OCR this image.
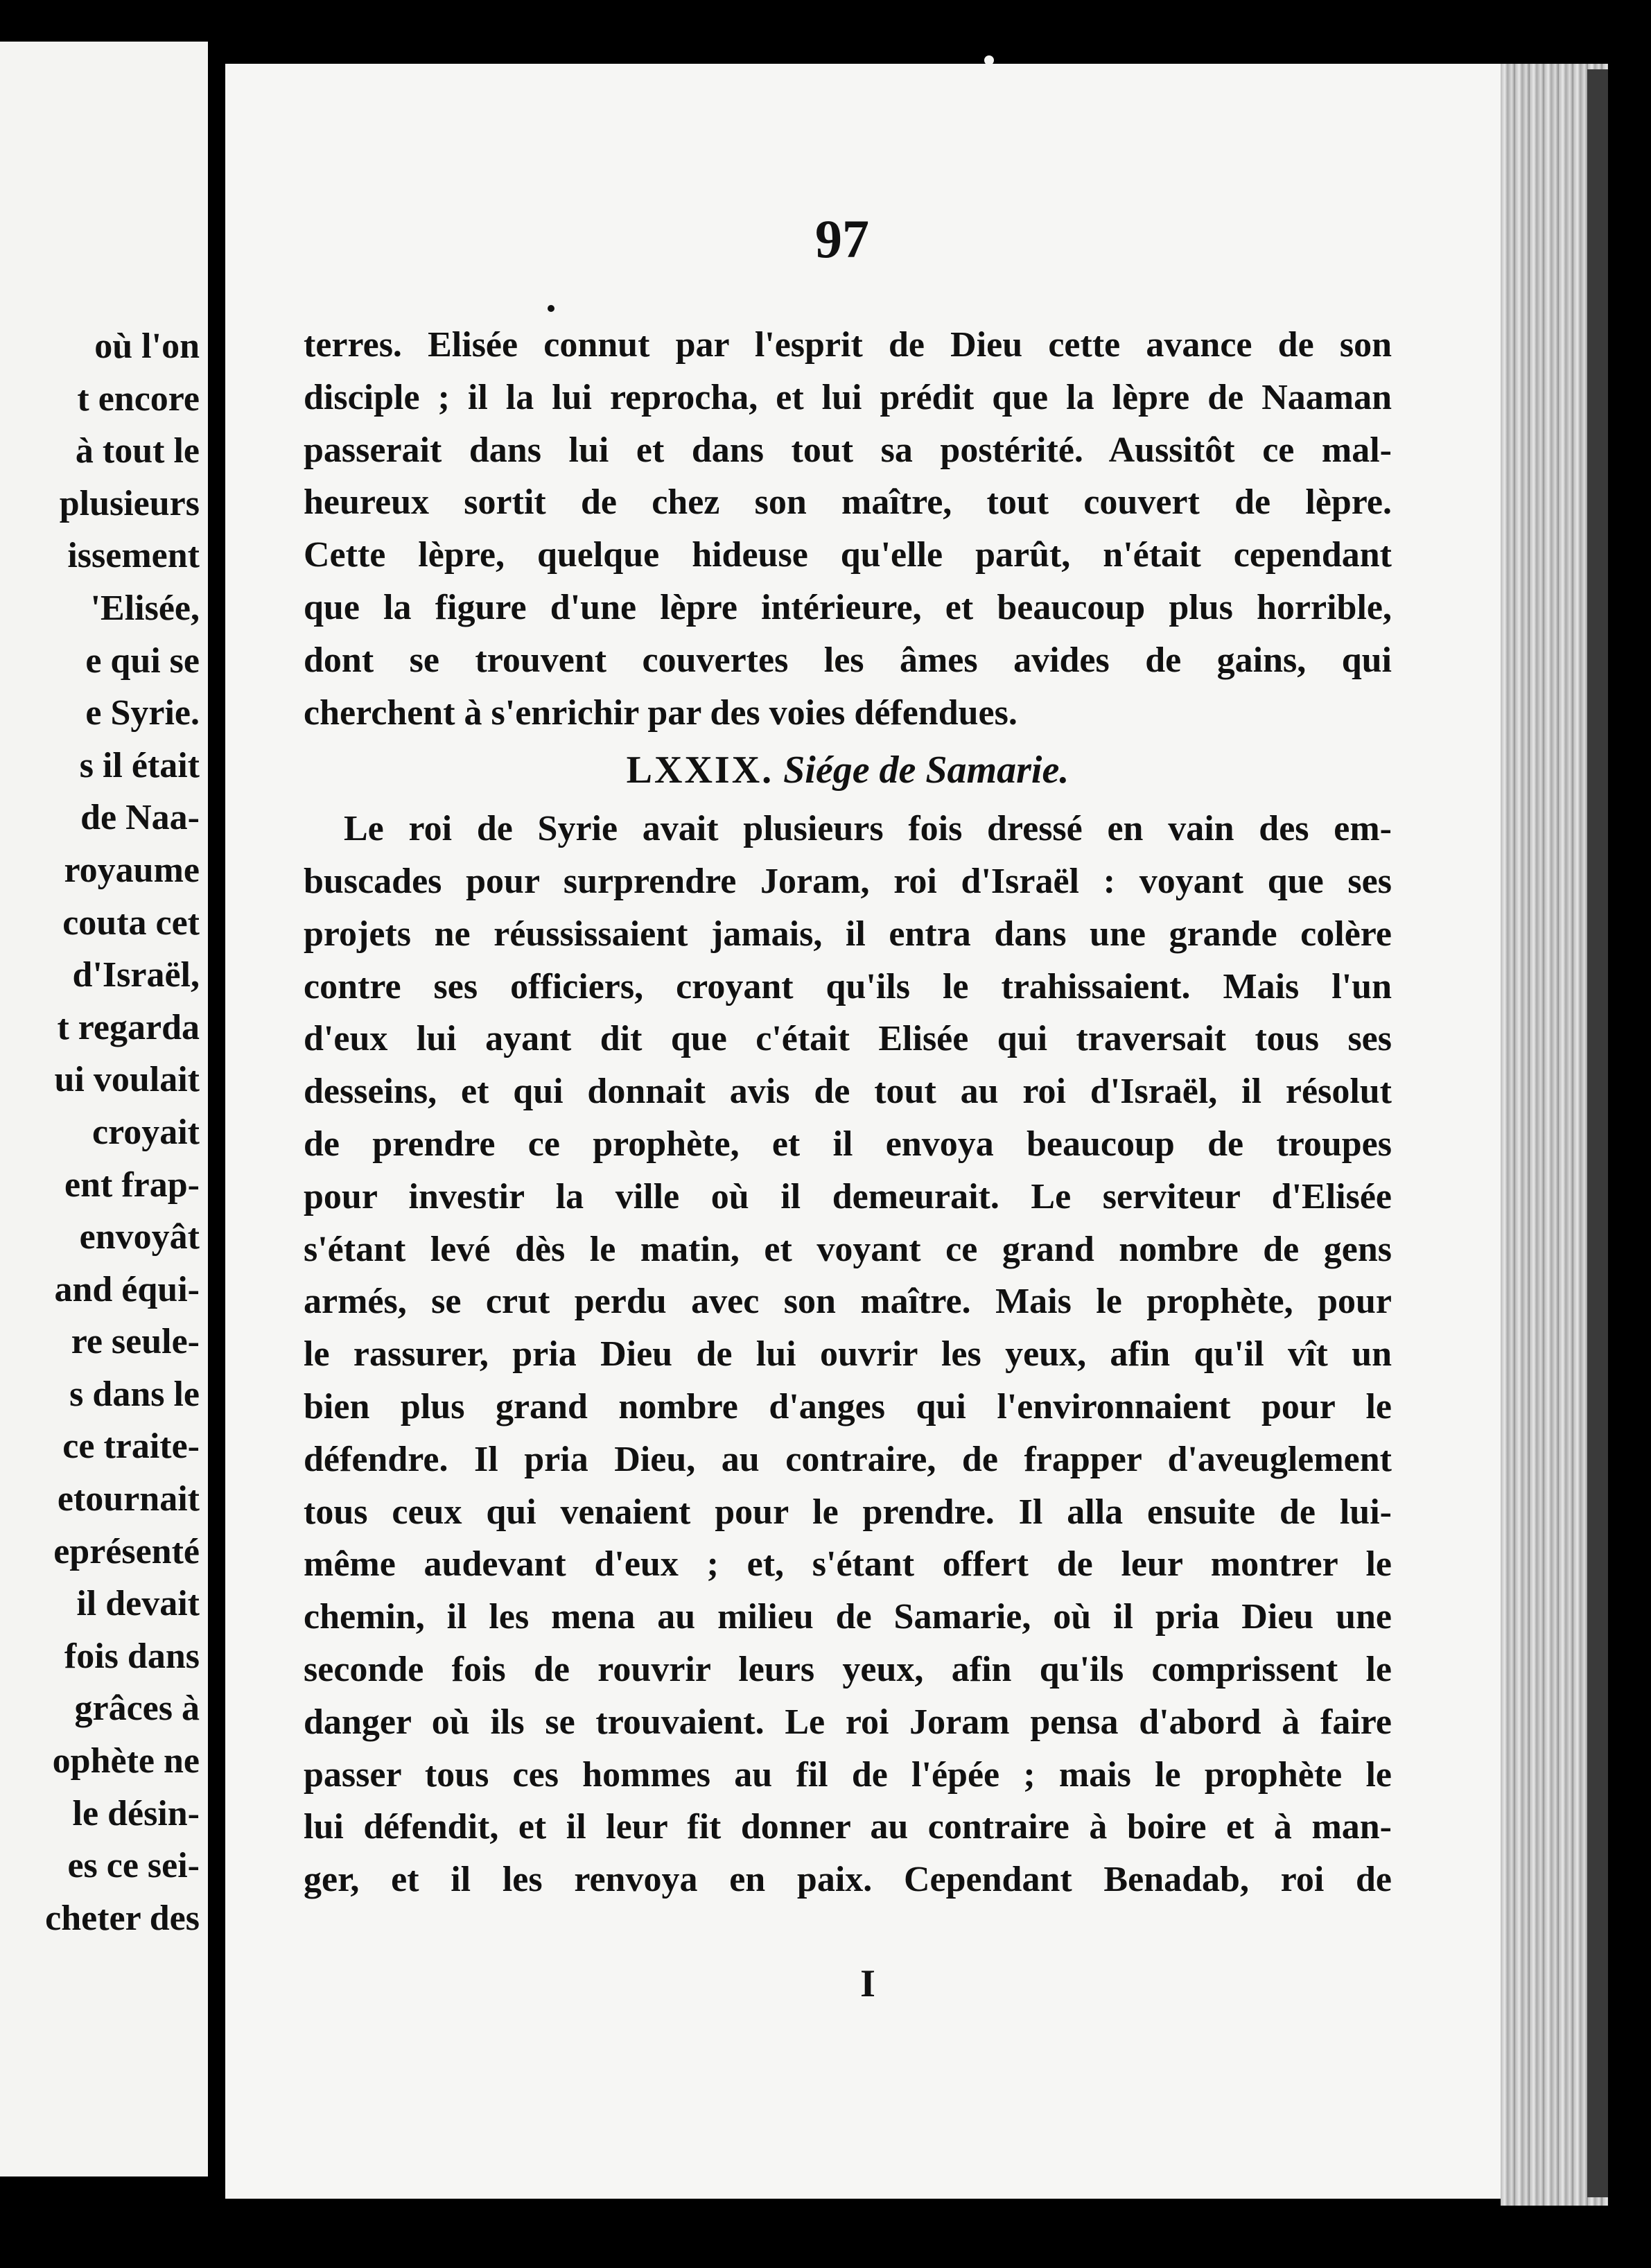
où l'on
t encore
à tout le
plusieurs
issement
'Elisée,
e qui se
e Syrie.
s il était
de Naa-
royaume
couta cet
d'Israël,
t regarda
ui voulait
croyait
ent frap-
envoyât
and équi-
re seule-
s dans le
ce traite-
etournait
eprésenté
il devait
fois dans
grâces à
ophète ne
le désin-
es ce sei-
cheter des
97
terres. Elisée connut par l'esprit de Dieu cette avance de son
disciple ; il la lui reprocha, et lui prédit que la lèpre de Naaman
passerait dans lui et dans tout sa postérité. Aussitôt ce mal-
heureux sortit de chez son maître, tout couvert de lèpre.
Cette lèpre, quelque hideuse qu'elle parût, n'était cependant
que la figure d'une lèpre intérieure, et beaucoup plus horrible,
dont se trouvent couvertes les âmes avides de gains, qui
cherchent à s'enrichir par des voies défendues.
LXXIX. Siége de Samarie.
Le roi de Syrie avait plusieurs fois dressé en vain des em-
buscades pour surprendre Joram, roi d'Israël : voyant que ses
projets ne réussissaient jamais, il entra dans une grande colère
contre ses officiers, croyant qu'ils le trahissaient. Mais l'un
d'eux lui ayant dit que c'était Elisée qui traversait tous ses
desseins, et qui donnait avis de tout au roi d'Israël, il résolut
de prendre ce prophète, et il envoya beaucoup de troupes
pour investir la ville où il demeurait. Le serviteur d'Elisée
s'étant levé dès le matin, et voyant ce grand nombre de gens
armés, se crut perdu avec son maître. Mais le prophète, pour
le rassurer, pria Dieu de lui ouvrir les yeux, afin qu'il vît un
bien plus grand nombre d'anges qui l'environnaient pour le
défendre. Il pria Dieu, au contraire, de frapper d'aveuglement
tous ceux qui venaient pour le prendre. Il alla ensuite de lui-
même audevant d'eux ; et, s'étant offert de leur montrer le
chemin, il les mena au milieu de Samarie, où il pria Dieu une
seconde fois de rouvrir leurs yeux, afin qu'ils comprissent le
danger où ils se trouvaient. Le roi Joram pensa d'abord à faire
passer tous ces hommes au fil de l'épée ; mais le prophète le
lui défendit, et il leur fit donner au contraire à boire et à man-
ger, et il les renvoya en paix. Cependant Benadab, roi de
I
